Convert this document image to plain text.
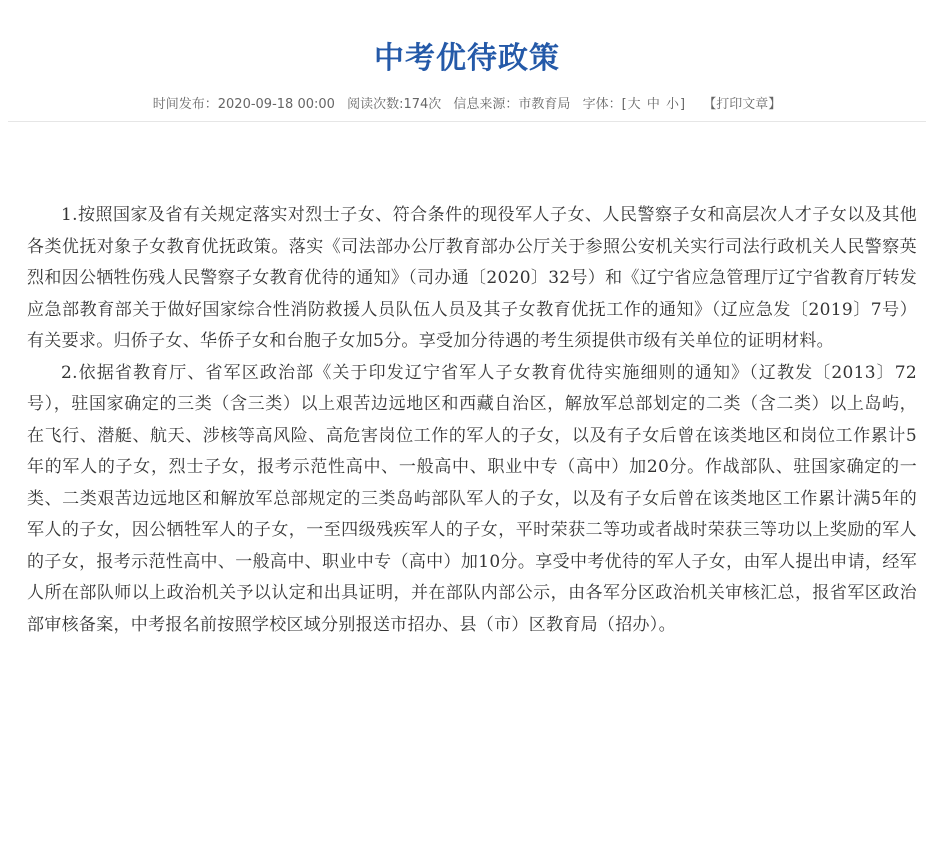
中考优待政策
时间发布：2020-09-18 00:00 阅读次数:174次 信息来源：市教育局 字体：[大 中 小] 【打印文章】

1.按照国家及省有关规定落实对烈士子女、符合条件的现役军人子女、人民警察子女和高层次人才子女以及其他各类优抚对象子女教育优抚政策。落实《司法部办公厅教育部办公厅关于参照公安机关实行司法行政机关人民警察英烈和因公牺牲伤残人民警察子女教育优待的通知》（司办通〔2020〕32号）和《辽宁省应急管理厅辽宁省教育厅转发应急部教育部关于做好国家综合性消防救援人员队伍人员及其子女教育优抚工作的通知》（辽应急发〔2019〕7号）有关要求。归侨子女、华侨子女和台胞子女加5分。享受加分待遇的考生须提供市级有关单位的证明材料。

2.依据省教育厅、省军区政治部《关于印发辽宁省军人子女教育优待实施细则的通知》（辽教发〔2013〕72号），驻国家确定的三类（含三类）以上艰苦边远地区和西藏自治区，解放军总部划定的二类（含二类）以上岛屿，在飞行、潜艇、航天、涉核等高风险、高危害岗位工作的军人的子女，以及有子女后曾在该类地区和岗位工作累计5年的军人的子女，烈士子女，报考示范性高中、一般高中、职业中专（高中）加20分。作战部队、驻国家确定的一类、二类艰苦边远地区和解放军总部规定的三类岛屿部队军人的子女，以及有子女后曾在该类地区工作累计满5年的军人的子女，因公牺牲军人的子女，一至四级残疾军人的子女，平时荣获二等功或者战时荣获三等功以上奖励的军人的子女，报考示范性高中、一般高中、职业中专（高中）加10分。享受中考优待的军人子女，由军人提出申请，经军人所在部队师以上政治机关予以认定和出具证明，并在部队内部公示，由各军分区政治机关审核汇总，报省军区政治部审核备案，中考报名前按照学校区域分别报送市招办、县（市）区教育局（招办）。
